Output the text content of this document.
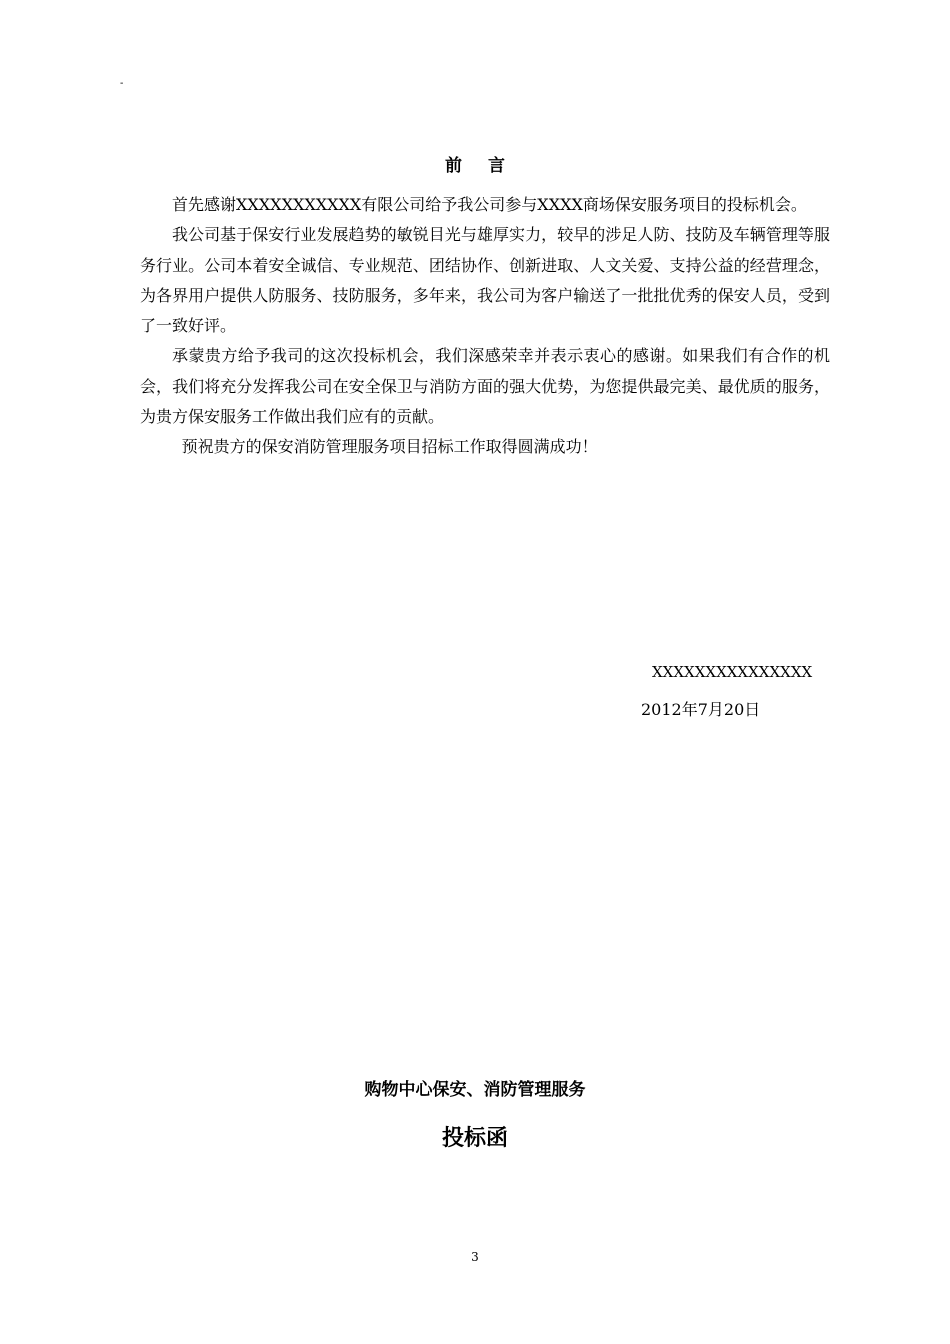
-
前言

首先感谢XXXXXXXXXXX有限公司给予我公司参与XXXX商场保安服务项目的投标机会。

我公司基于保安行业发展趋势的敏锐目光与雄厚实力，较早的涉足人防、技防及车辆管理等服务行业。公司本着安全诚信、专业规范、团结协作、创新进取、人文关爱、支持公益的经营理念，为各界用户提供人防服务、技防服务，多年来，我公司为客户输送了一批批优秀的保安人员，受到了一致好评。

承蒙贵方给予我司的这次投标机会，我们深感荣幸并表示衷心的感谢。如果我们有合作的机会，我们将充分发挥我公司在安全保卫与消防方面的强大优势，为您提供最完美、最优质的服务，为贵方保安服务工作做出我们应有的贡献。

预祝贵方的保安消防管理服务项目招标工作取得圆满成功！

XXXXXXXXXXXXXXX
2012年7月20日
购物中心保安、消防管理服务
投标函
3
